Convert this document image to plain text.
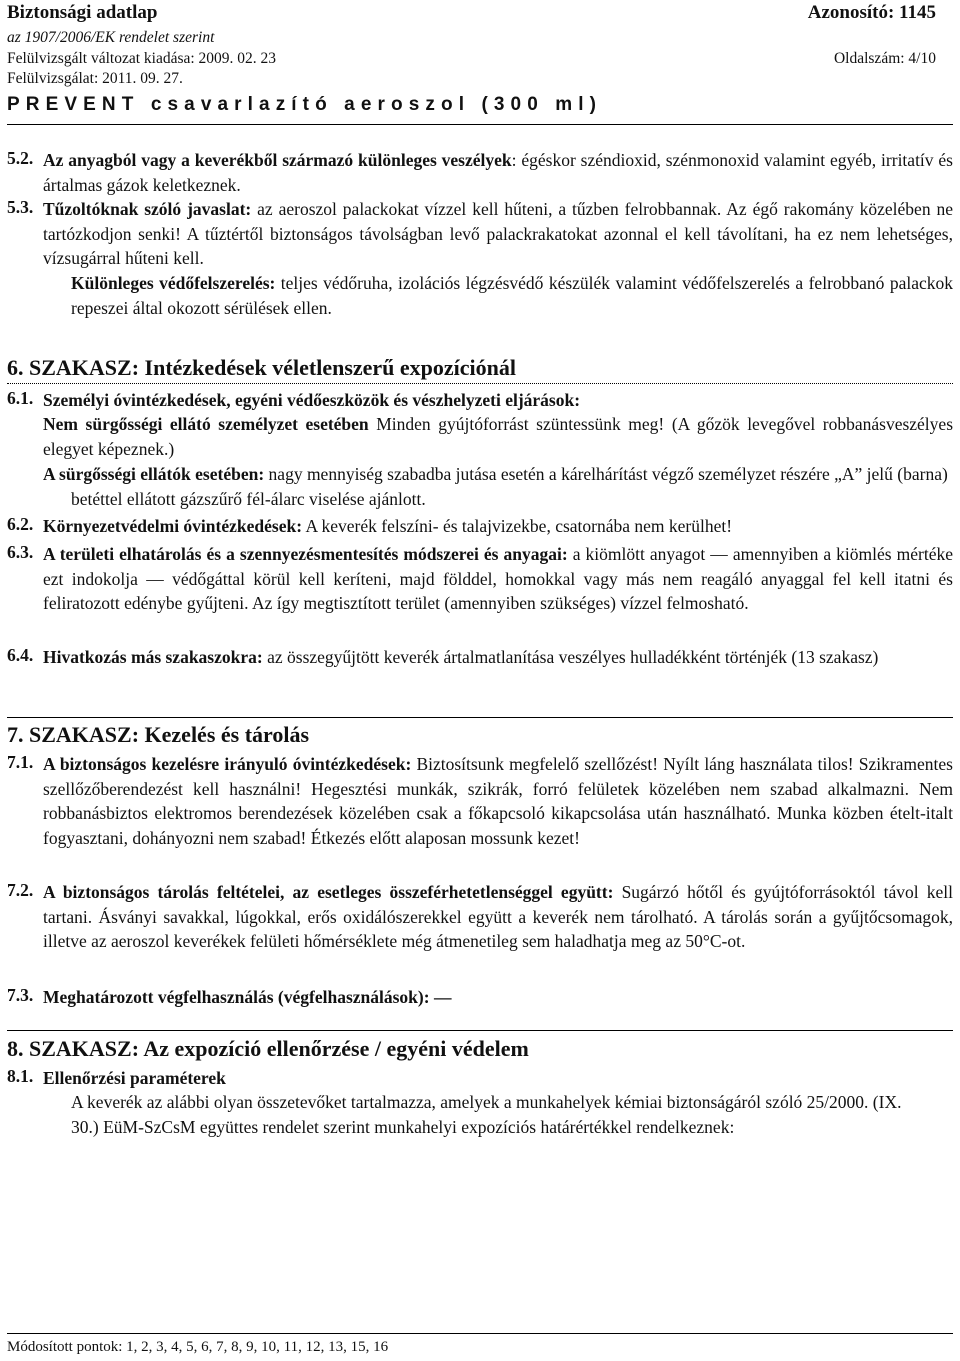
Biztonsági adatlap	Azonosító: 1145
az 1907/2006/EK rendelet szerint
Felülvizsgált változat kiadása: 2009. 02. 23	Oldalszám: 4/10
Felülvizsgálat: 2011. 09. 27.
PREVENT csavarlazító aeroszol (300 ml)
5.2. Az anyagból vagy a keverékből származó különleges veszélyek: égéskor széndioxid, szénmonoxid valamint egyéb, irritatív és ártalmas gázok keletkeznek.
5.3. Tűzoltóknak szóló javaslat: az aeroszol palackokat vízzel kell hűteni, a tűzben felrobbannak. Az égő rakomány közelében ne tartózkodjon senki! A tűztértől biztonságos távolságban levő palackrakatokat azonnal el kell távolítani, ha ez nem lehetséges, vízsugárral hűteni kell.
Különleges védőfelszerelés: teljes védőruha, izolációs légzésvédő készülék valamint védőfelszerelés a felrobbanó palackok repeszei által okozott sérülések ellen.
6. SZAKASZ: Intézkedések véletlenszerű expozíciónál
6.1. Személyi óvintézkedések, egyéni védőeszközök és vészhelyzeti eljárások:
Nem sürgősségi ellátó személyzet esetében Minden gyújtóforrást szüntessünk meg! (A gőzök levegővel robbanásveszélyes elegyet képeznek.)
A sürgősségi ellátók esetében: nagy mennyiség szabadba jutása esetén a kárelhárítást végző személyzet részére „A” jelű (barna) betéttel ellátott gázszűrő fél-álarc viselése ajánlott.
6.2. Környezetvédelmi óvintézkedések: A keverék felszíni- és talajvizekbe, csatornába nem kerülhet!
6.3. A területi elhatárolás és a szennyezésmentesítés módszerei és anyagai: a kiömlött anyagot — amennyiben a kiömlés mértéke ezt indokolja — védőgáttal körül kell keríteni, majd földdel, homokkal vagy más nem reagáló anyaggal fel kell itatni és feliratozott edénybe gyűjteni. Az így megtisztított terület (amennyiben szükséges) vízzel felmosható.
6.4. Hivatkozás más szakaszokra: az összegyűjtött keverék ártalmatlanítása veszélyes hulladékként történjék (13 szakasz)
7. SZAKASZ: Kezelés és tárolás
7.1. A biztonságos kezelésre irányuló óvintézkedések: Biztosítsunk megfelelő szellőzést! Nyílt láng használata tilos! Szikramentes szellőzőberendezést kell használni! Hegesztési munkák, szikrák, forró felületek közelében nem szabad alkalmazni. Nem robbanásbiztos elektromos berendezések közelében csak a főkapcsoló kikapcsolása után használható. Munka közben ételt-italt fogyasztani, dohányozni nem szabad! Étkezés előtt alaposan mossunk kezet!
7.2. A biztonságos tárolás feltételei, az esetleges összeférhetetlenséggel együtt: Sugárzó hőtől és gyújtóforrásoktól távol kell tartani. Ásványi savakkal, lúgokkal, erős oxidálószerekkel együtt a keverék nem tárolható. A tárolás során a gyűjtőcsomagok, illetve az aeroszol keverékek felületi hőmérséklete még átmenetileg sem haladhatja meg az 50°C-ot.
7.3. Meghatározott végfelhasználás (végfelhasználások): —
8. SZAKASZ: Az expozíció ellenőrzése / egyéni védelem
8.1. Ellenőrzési paraméterek
A keverék az alábbi olyan összetevőket tartalmazza, amelyek a munkahelyek kémiai biztonságáról szóló 25/2000. (IX. 30.) EüM-SzCsM együttes rendelet szerint munkahelyi expozíciós határértékkel rendelkeznek:
Módosított pontok: 1, 2, 3, 4, 5, 6, 7, 8, 9, 10, 11, 12, 13, 15, 16
